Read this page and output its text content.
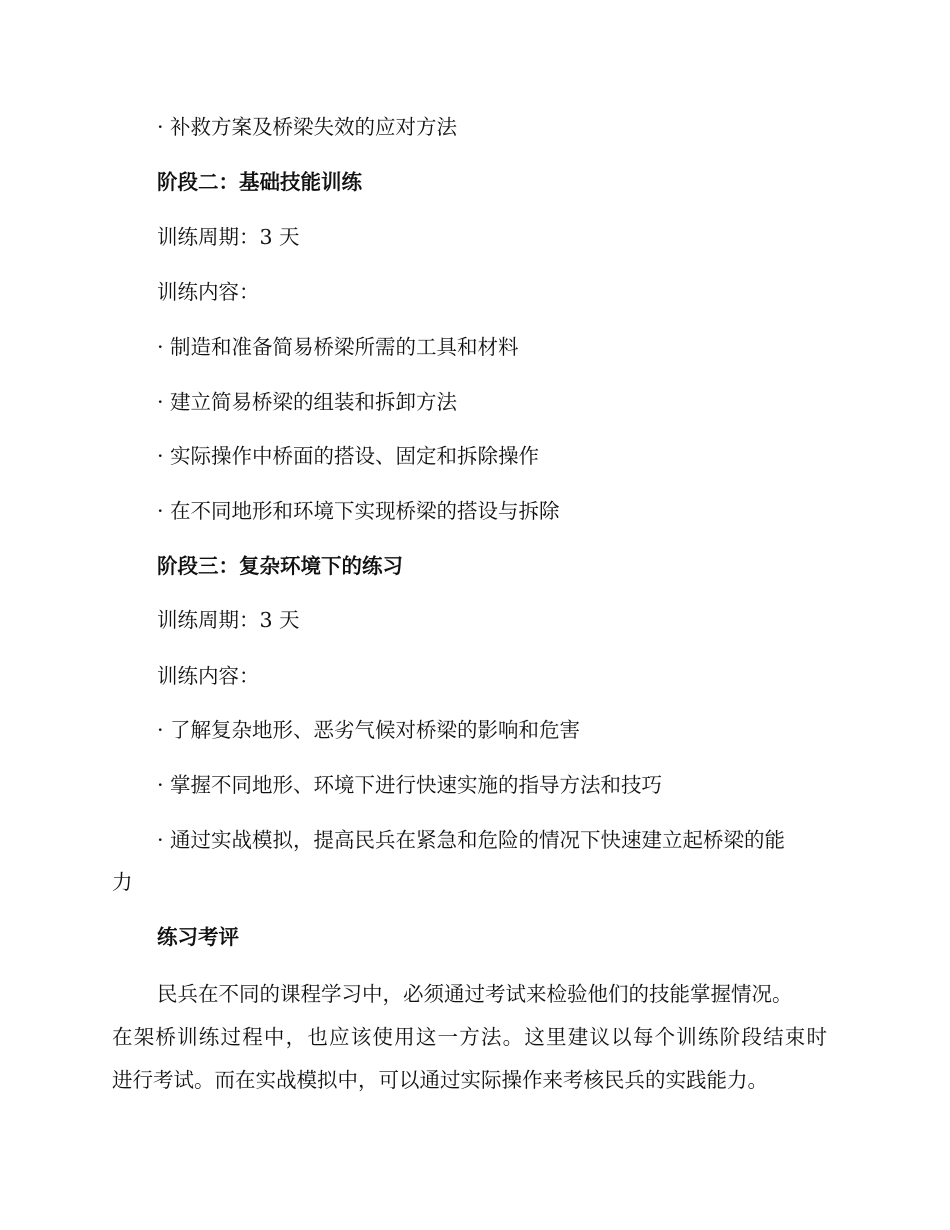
· 补救方案及桥梁失效的应对方法
阶段二：基础技能训练
训练周期：3 天
训练内容：
· 制造和准备简易桥梁所需的工具和材料
· 建立简易桥梁的组装和拆卸方法
· 实际操作中桥面的搭设、固定和拆除操作
· 在不同地形和环境下实现桥梁的搭设与拆除
阶段三：复杂环境下的练习
训练周期：3 天
训练内容：
· 了解复杂地形、恶劣气候对桥梁的影响和危害
· 掌握不同地形、环境下进行快速实施的指导方法和技巧
· 通过实战模拟，提高民兵在紧急和危险的情况下快速建立起桥梁的能
力
练习考评
民兵在不同的课程学习中，必须通过考试来检验他们的技能掌握情况。
在架桥训练过程中，也应该使用这一方法。这里建议以每个训练阶段结束时
进行考试。而在实战模拟中，可以通过实际操作来考核民兵的实践能力。
